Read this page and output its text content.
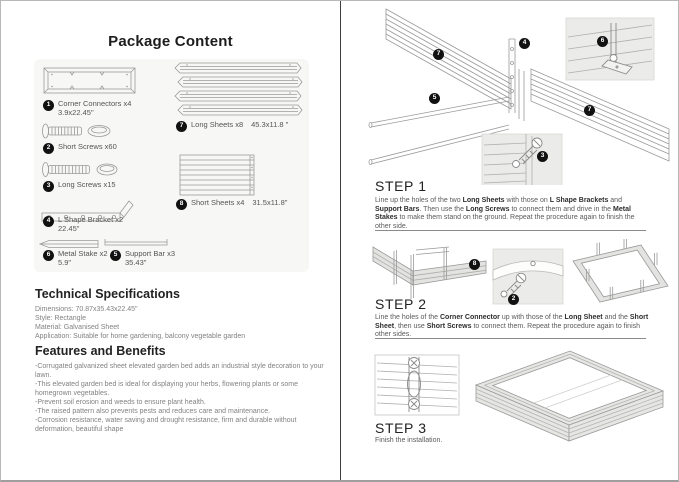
Package Content
1	Corner Connectors x4
3.9x22.45"
2	Short Screws x60
3	Long Screws x15
4	L Shape Bracket x2
22.45"
6	Metal Stake x2
5.9"
5	Support Bar x3
35.43"
7	Long Sheets x8 45.3x11.8 "
8	Short Sheets x4 31.5x11.8"
Technical Specifications
Dimensions: 70.87x35.43x22.45"
Style: Rectangle
Material: Galvanised Sheet
Application: Suitable for home gardening, balcony vegetable garden
Features and Benefits
-Corrugated galvanized sheet elevated garden bed adds an industrial style decoration to your lawn.
-This elevated garden bed is ideal for displaying your herbs, flowering plants or some homegrown vegetables.
-Prevent soil erosion and weeds to ensure plant health.
-The raised pattern also prevents pests and reduces care and maintenance.
-Corrosion resistance, water saving and drought resistance, firm and durable without deformation, beautiful shape
7
4	6
5
7
3
STEP 1
Line up the holes of the two Long Sheets with those on L Shape Brackets and Support Bars. Then use the Long Screws to connect them and drive in the Metal Stakes to make them stand on the ground. Repeat the procedure again to finish the other side.
8
2
STEP 2
Line the holes of the Corner Connector up with those of the Long Sheet and the Short Sheet, then use Short Screws to connect them. Repeat the procedure again to finish other sides.
STEP 3
Finish the installation.
